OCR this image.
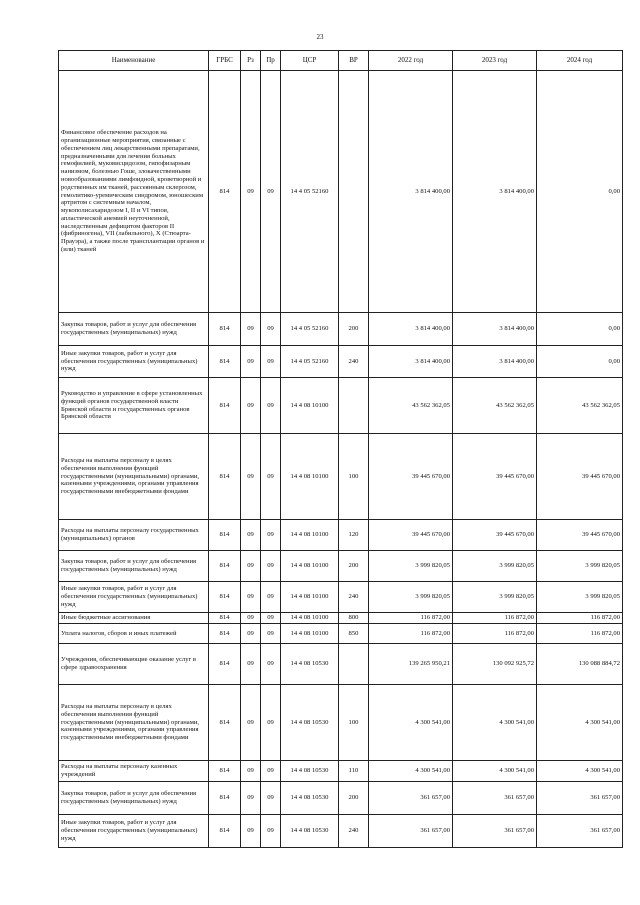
23
Наименование	ГРБС	Рз	Пр	ЦСР	ВР	2022 год	2023 год	2024 год
Финансовое обеспечение расходов на организационные мероприятия, связанные с обеспечением лиц лекарственными препаратами, предназначенными для лечения больных гемофилией, муковисцидозом, гипофизарным нанизмом, болезнью Гоше, злокачественными новообразованиями лимфоидной, кроветворной и родственных им тканей, рассеянным склерозом, гемолитико-уремическим синдромом, юношеским артритом с системным началом, мукополисахаридозом I, II и VI типов, апластической анемией неуточненной, наследственным дефицитом факторов II (фибриногена), VII (лабильного), X (Стюарта-Прауэра), а также после трансплантации органов и (или) тканей	814	09	09	14 4 05 52160		3 814 400,00	3 814 400,00	0,00
Закупка товаров, работ и услуг для обеспечения государственных (муниципальных) нужд	814	09	09	14 4 05 52160	200	3 814 400,00	3 814 400,00	0,00
Иные закупки товаров, работ и услуг для обеспечения государственных (муниципальных) нужд	814	09	09	14 4 05 52160	240	3 814 400,00	3 814 400,00	0,00
Руководство и управление в сфере установленных функций органов государственной власти Брянской области и государственных органов Брянской области	814	09	09	14 4 08 10100		43 562 362,05	43 562 362,05	43 562 362,05
Расходы на выплаты персоналу в целях обеспечения выполнения функций государственными (муниципальными) органами, казенными учреждениями, органами управления государственными внебюджетными фондами	814	09	09	14 4 08 10100	100	39 445 670,00	39 445 670,00	39 445 670,00
Расходы на выплаты персоналу государственных (муниципальных) органов	814	09	09	14 4 08 10100	120	39 445 670,00	39 445 670,00	39 445 670,00
Закупка товаров, работ и услуг для обеспечения государственных (муниципальных) нужд	814	09	09	14 4 08 10100	200	3 999 820,05	3 999 820,05	3 999 820,05
Иные закупки товаров, работ и услуг для обеспечения государственных (муниципальных) нужд	814	09	09	14 4 08 10100	240	3 999 820,05	3 999 820,05	3 999 820,05
Иные бюджетные ассигнования	814	09	09	14 4 08 10100	800	116 872,00	116 872,00	116 872,00
Уплата налогов, сборов и иных платежей	814	09	09	14 4 08 10100	850	116 872,00	116 872,00	116 872,00
Учреждения, обеспечивающие оказание услуг в сфере здравоохранения	814	09	09	14 4 08 10530		139 265 950,21	130 092 925,72	130 088 884,72
Расходы на выплаты персоналу в целях обеспечения выполнения функций государственными (муниципальными) органами, казенными учреждениями, органами управления государственными внебюджетными фондами	814	09	09	14 4 08 10530	100	4 300 541,00	4 300 541,00	4 300 541,00
Расходы на выплаты персоналу казенных учреждений	814	09	09	14 4 08 10530	110	4 300 541,00	4 300 541,00	4 300 541,00
Закупка товаров, работ и услуг для обеспечения государственных (муниципальных) нужд	814	09	09	14 4 08 10530	200	361 657,00	361 657,00	361 657,00
Иные закупки товаров, работ и услуг для обеспечения государственных (муниципальных) нужд	814	09	09	14 4 08 10530	240	361 657,00	361 657,00	361 657,00
